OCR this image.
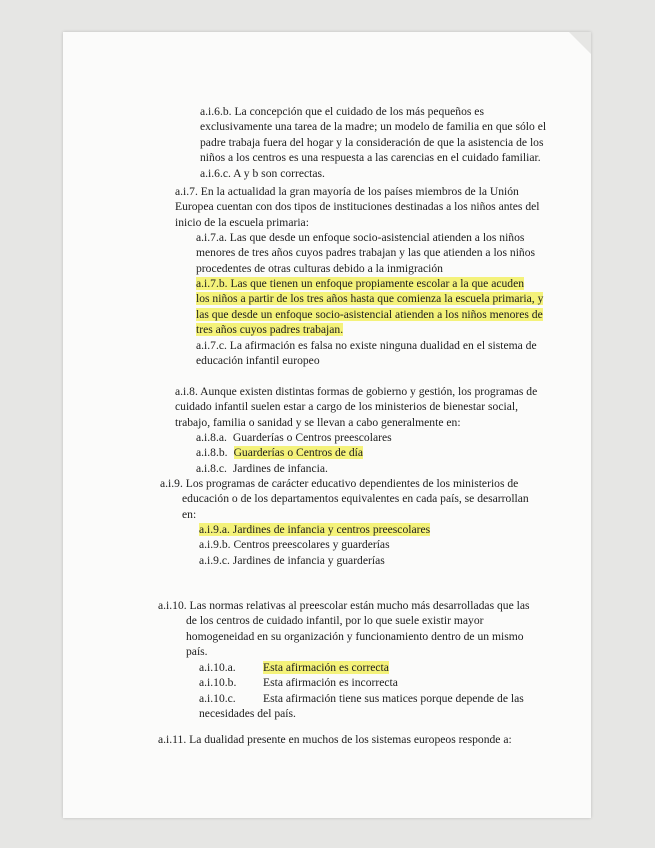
a.i.6.b. La concepción que el cuidado de los más pequeños es
exclusivamente una tarea de la madre; un modelo de familia en que sólo el
padre trabaja fuera del hogar y la consideración de que la asistencia de los
niños a los centros es una respuesta a las carencias en el cuidado familiar.
a.i.6.c. A y b son correctas.
a.i.7. En la actualidad la gran mayoría de los países miembros de la Unión
Europea cuentan con dos tipos de instituciones destinadas a los niños antes del
inicio de la escuela primaria:
a.i.7.a. Las que desde un enfoque socio-asistencial atienden a los niños
menores de tres años cuyos padres trabajan y las que atienden a los niños
procedentes de otras culturas debido a la inmigración
a.i.7.b. Las que tienen un enfoque propiamente escolar a la que acuden
los niños a partir de los tres años hasta que comienza la escuela primaria, y
las que desde un enfoque socio-asistencial atienden a los niños menores de
tres años cuyos padres trabajan.
a.i.7.c. La afirmación es falsa no existe ninguna dualidad en el sistema de
educación infantil europeo
a.i.8. Aunque existen distintas formas de gobierno y gestión, los programas de
cuidado infantil suelen estar a cargo de los ministerios de bienestar social,
trabajo, familia o sanidad y se llevan a cabo generalmente en:
a.i.8.a. Guarderías o Centros preescolares
a.i.8.b. Guarderías o Centros de día
a.i.8.c. Jardines de infancia.
a.i.9. Los programas de carácter educativo dependientes de los ministerios de
educación o de los departamentos equivalentes en cada país, se desarrollan
en:
a.i.9.a. Jardines de infancia y centros preescolares
a.i.9.b. Centros preescolares y guarderías
a.i.9.c. Jardines de infancia y guarderías
a.i.10. Las normas relativas al preescolar están mucho más desarrolladas que las
de los centros de cuidado infantil, por lo que suele existir mayor
homogeneidad en su organización y funcionamiento dentro de un mismo
país.
a.i.10.a. Esta afirmación es correcta
a.i.10.b. Esta afirmación es incorrecta
a.i.10.c. Esta afirmación tiene sus matices porque depende de las
necesidades del país.
a.i.11. La dualidad presente en muchos de los sistemas europeos responde a:
